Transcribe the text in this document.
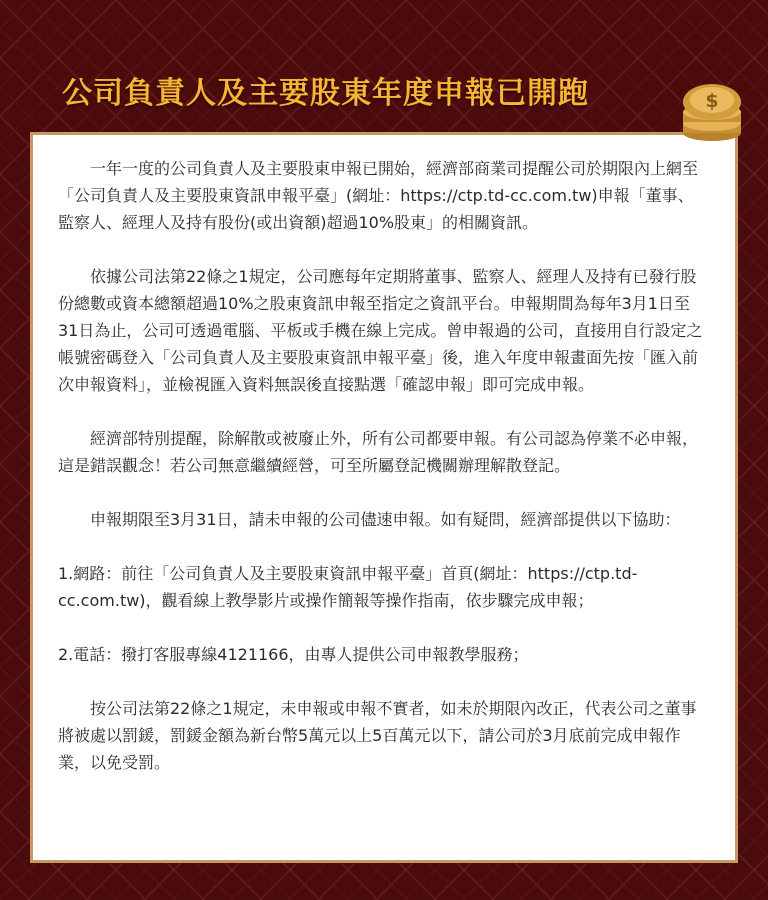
公司負責人及主要股東年度申報已開跑	$

一年一度的公司負責人及主要股東申報已開始，經濟部商業司提醒公司於期限內上網至「公司負責人及主要股東資訊申報平臺」(網址：https://ctp.td-cc.com.tw)申報「董事、監察人、經理人及持有股份(或出資額)超過10%股東」的相關資訊。

依據公司法第22條之1規定，公司應每年定期將董事、監察人、經理人及持有已發行股份總數或資本總額超過10%之股東資訊申報至指定之資訊平台。申報期間為每年3月1日至31日為止，公司可透過電腦、平板或手機在線上完成。曾申報過的公司，直接用自行設定之帳號密碼登入「公司負責人及主要股東資訊申報平臺」後，進入年度申報畫面先按「匯入前次申報資料」，並檢視匯入資料無誤後直接點選「確認申報」即可完成申報。

經濟部特別提醒，除解散或被廢止外，所有公司都要申報。有公司認為停業不必申報，這是錯誤觀念！若公司無意繼續經營，可至所屬登記機關辦理解散登記。

申報期限至3月31日，請未申報的公司儘速申報。如有疑問，經濟部提供以下協助：

1.網路：前往「公司負責人及主要股東資訊申報平臺」首頁(網址：https://ctp.td-cc.com.tw)，觀看線上教學影片或操作簡報等操作指南，依步驟完成申報；

2.電話：撥打客服專線4121166，由專人提供公司申報教學服務；

按公司法第22條之1規定，未申報或申報不實者，如未於期限內改正，代表公司之董事將被處以罰鍰，罰鍰金額為新台幣5萬元以上5百萬元以下，請公司於3月底前完成申報作業，以免受罰。
